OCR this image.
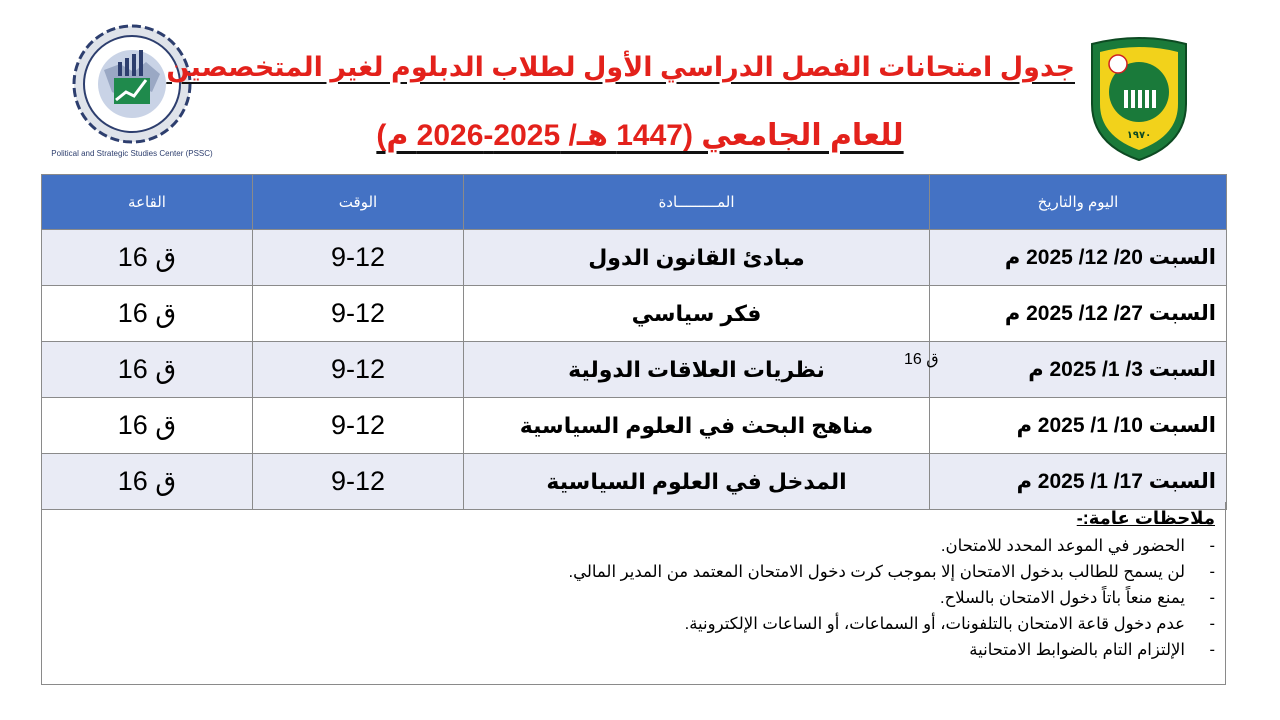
Political and Strategic Studies Center (PSSC)
١٩٧٠
جدول امتحانات الفصل الدراسي الأول لطلاب الدبلوم لغير المتخصصين
للعام الجامعي (1447 هـ/ 2025-2026 م)
اليوم والتاريخ	المـــــــــادة	الوقت	القاعة
السبت 20/ 12/ 2025 م	مبادئ القانون الدول	9-12	ق 16
السبت 27/ 12/ 2025 م	فكر سياسي	9-12	ق 16
السبت 3/ 1/ 2025 م	نظريات العلاقات الدولية	9-12	ق 16
السبت 10/ 1/ 2025 م	مناهج البحث في العلوم السياسية	9-12	ق 16
السبت 17/ 1/ 2025 م	المدخل في العلوم السياسية	9-12	ق 16
ق 16
ملاحظات عامة:-
-
الحضور في الموعد المحدد للامتحان.
-
لن يسمح للطالب بدخول الامتحان إلا بموجب كرت دخول الامتحان المعتمد من المدير المالي.
-
يمنع منعاً باتاً دخول الامتحان بالسلاح.
-
عدم دخول قاعة الامتحان بالتلفونات، أو السماعات، أو الساعات الإلكترونية.
-
الإلتزام التام بالضوابط الامتحانية
